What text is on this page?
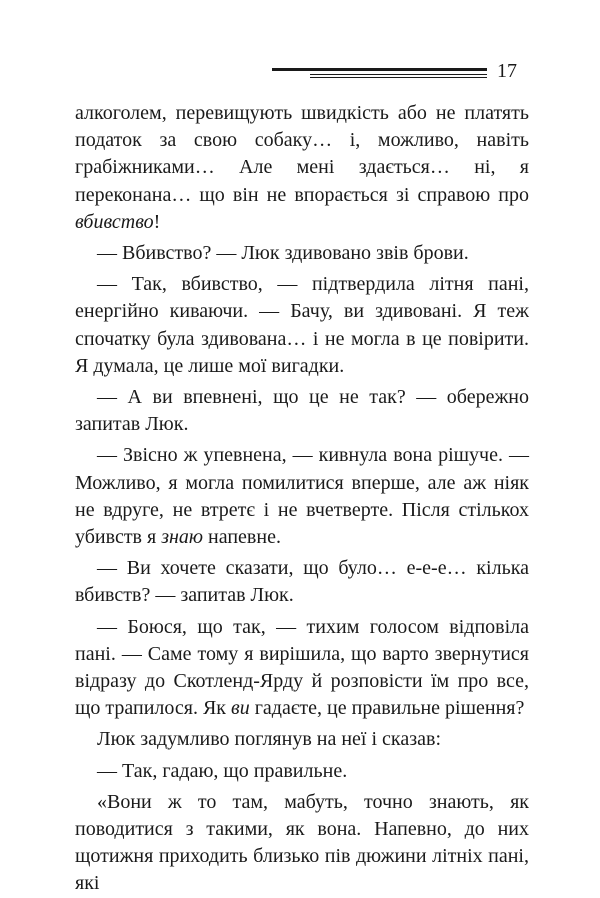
17

алкоголем, перевищують швидкість або не платять податок за свою собаку… і, можливо, навіть грабіжниками… Але мені здається… ні, я переконана… що він не впорається зі справою про вбивство!

— Вбивство? — Люк здивовано звів брови.

— Так, вбивство, — підтвердила літня пані, енергійно киваючи. — Бачу, ви здивовані. Я теж спочатку була здивована… і не могла в це повірити. Я думала, це лише мої вигадки.

— А ви впевнені, що це не так? — обережно запитав Люк.

— Звісно ж упевнена, — кивнула вона рішуче. — Можливо, я могла помилитися вперше, але аж ніяк не вдруге, не втретє і не вчетверте. Після стількох убивств я знаю напевне.

— Ви хочете сказати, що було… е-е-е… кілька вбивств? — запитав Люк.

— Боюся, що так, — тихим голосом відповіла пані. — Саме тому я вирішила, що варто звернутися відразу до Скотленд-Ярду й розповісти їм про все, що трапилося. Як ви гадаєте, це правильне рішення?

Люк задумливо поглянув на неї і сказав:

— Так, гадаю, що правильне.

«Вони ж то там, мабуть, точно знають, як поводитися з такими, як вона. Напевно, до них щотижня приходить близько пів дюжини літніх пані, які
